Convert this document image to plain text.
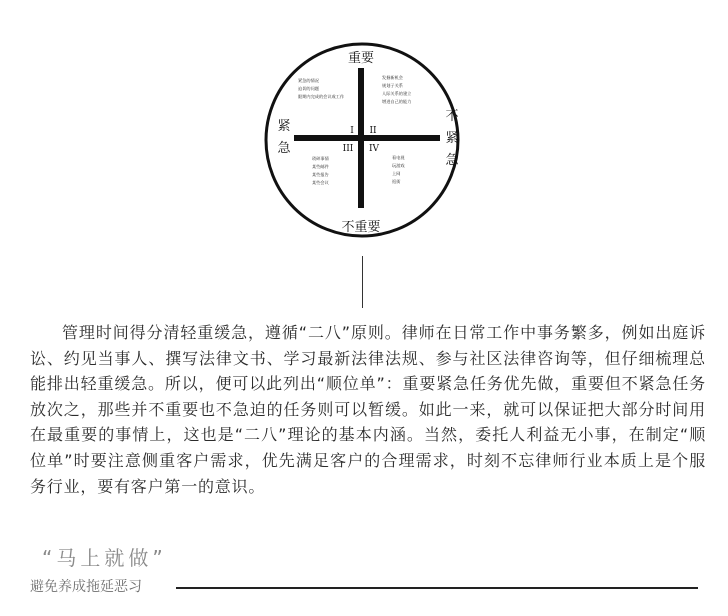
重要
不重要
紧
急
不
紧
急
I II
III IV
紧急的情况
迫切的问题
限期内完成的会议或工作
发掘新机会
规划子关系
人际关系的建立
增进自己的能力
琐碎事情
某些邮件
某些报告
某些会议
看电视
玩游戏
上网
逛街

管理时间得分清轻重缓急，遵循“二八”原则。律师在日常工作中事务繁多，例如出庭诉讼、约见当事人、撰写法律文书、学习最新法律法规、参与社区法律咨询等，但仔细梳理总能排出轻重缓急。所以，便可以此列出“顺位单”：重要紧急任务优先做，重要但不紧急任务放次之，那些并不重要也不急迫的任务则可以暂缓。如此一来，就可以保证把大部分时间用在最重要的事情上，这也是“二八”理论的基本内涵。当然，委托人利益无小事，在制定“顺位单”时要注意侧重客户需求，优先满足客户的合理需求，时刻不忘律师行业本质上是个服务行业，要有客户第一的意识。

“马上就做”
避免养成拖延恶习
